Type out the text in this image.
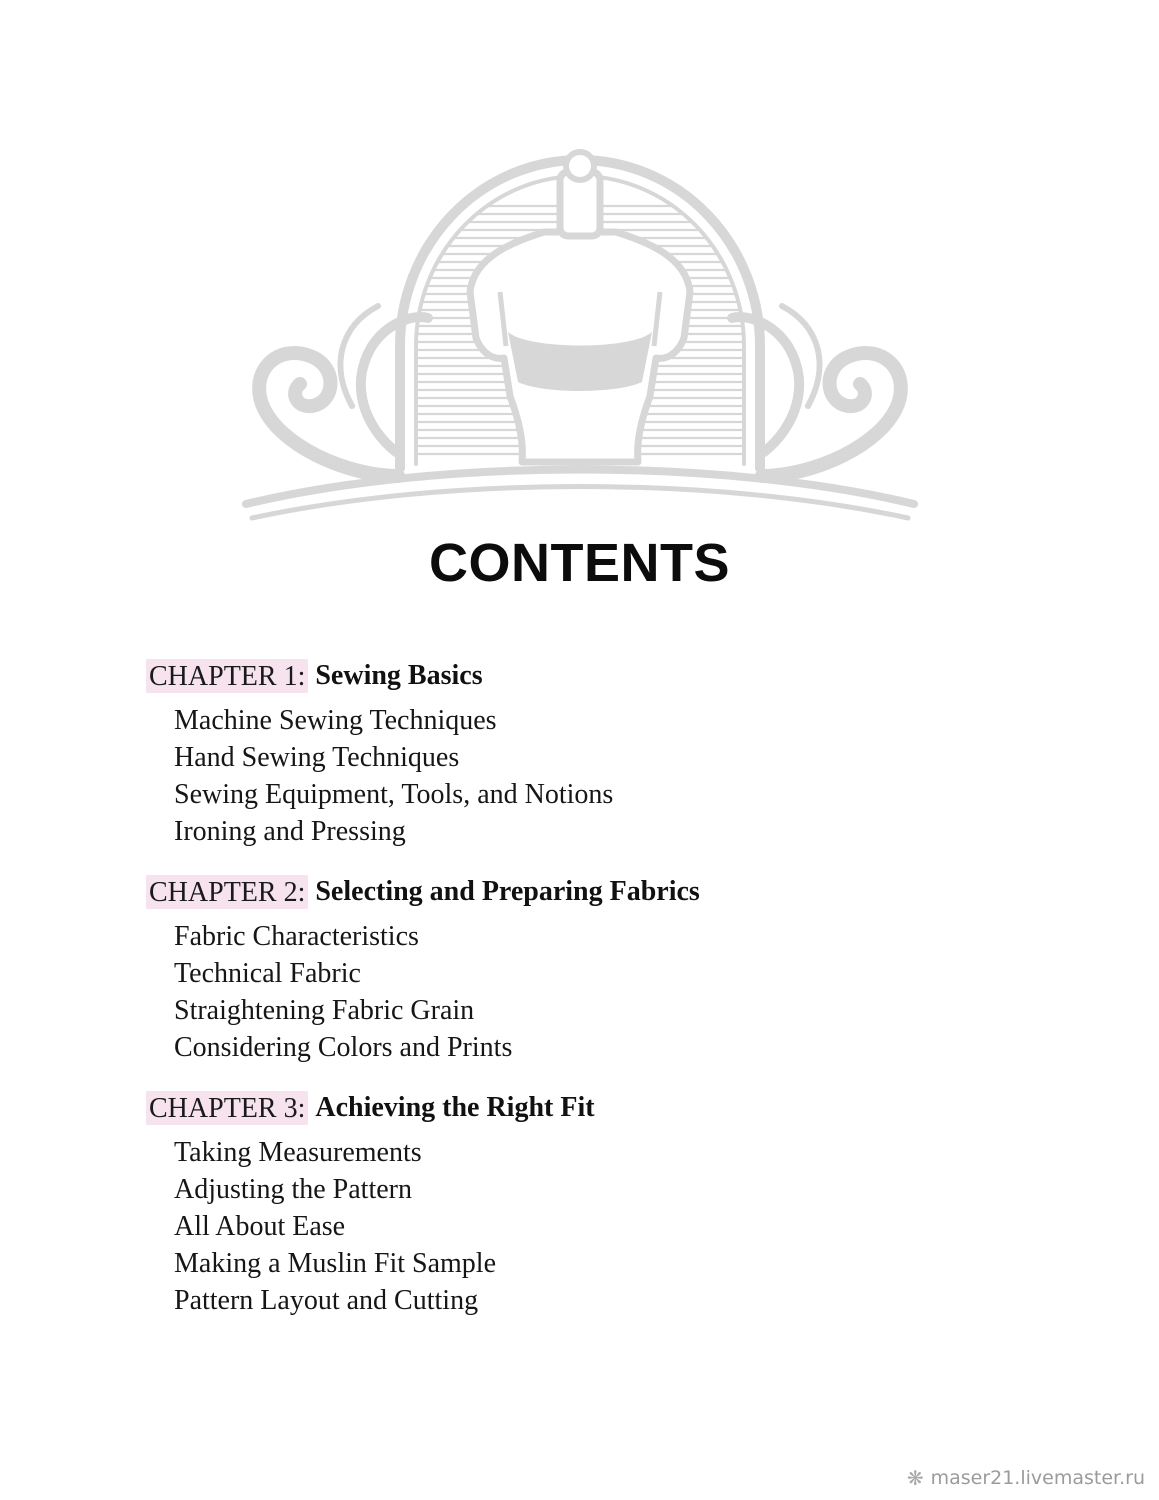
CONTENTS
CHAPTER 1: Sewing Basics
Machine Sewing Techniques
Hand Sewing Techniques
Sewing Equipment, Tools, and Notions
Ironing and Pressing
CHAPTER 2: Selecting and Preparing Fabrics
Fabric Characteristics
Technical Fabric
Straightening Fabric Grain
Considering Colors and Prints
CHAPTER 3: Achieving the Right Fit
Taking Measurements
Adjusting the Pattern
All About Ease
Making a Muslin Fit Sample
Pattern Layout and Cutting
❋ maser21.livemaster.ru
